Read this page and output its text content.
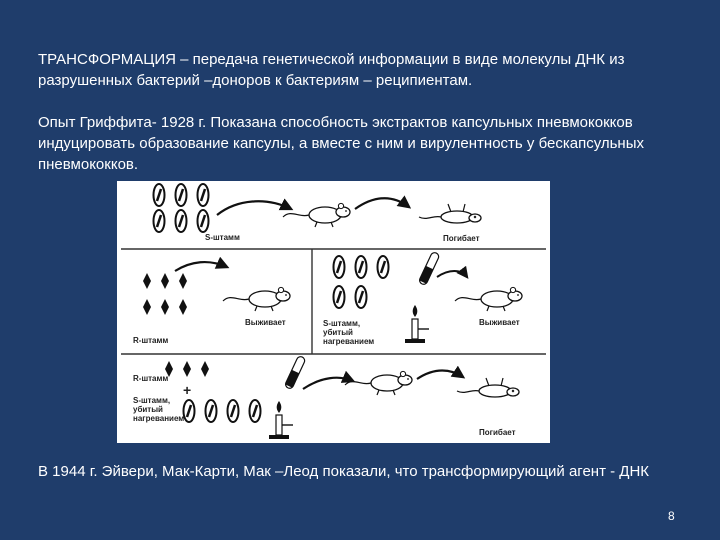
ТРАНСФОРМАЦИЯ – передача генетической информации в виде молекулы ДНК из разрушенных бактерий –доноров к бактериям – реципиентам.

Опыт Гриффита- 1928 г. Показана способность экстрактов капсульных пневмококков индуцировать образование капсулы, а вместе с ним и вирулентность у бескапсульных пневмококков.

S-штамм	Погибает
Выживает
R-штамм
S-штамм,
убитый
нагреванием
Выживает
R-штамм
+
S-штамм,
убитый
нагреванием
Погибает

В 1944 г. Эйвери, Мак-Карти, Мак –Леод показали, что трансформирующий агент - ДНК

8
